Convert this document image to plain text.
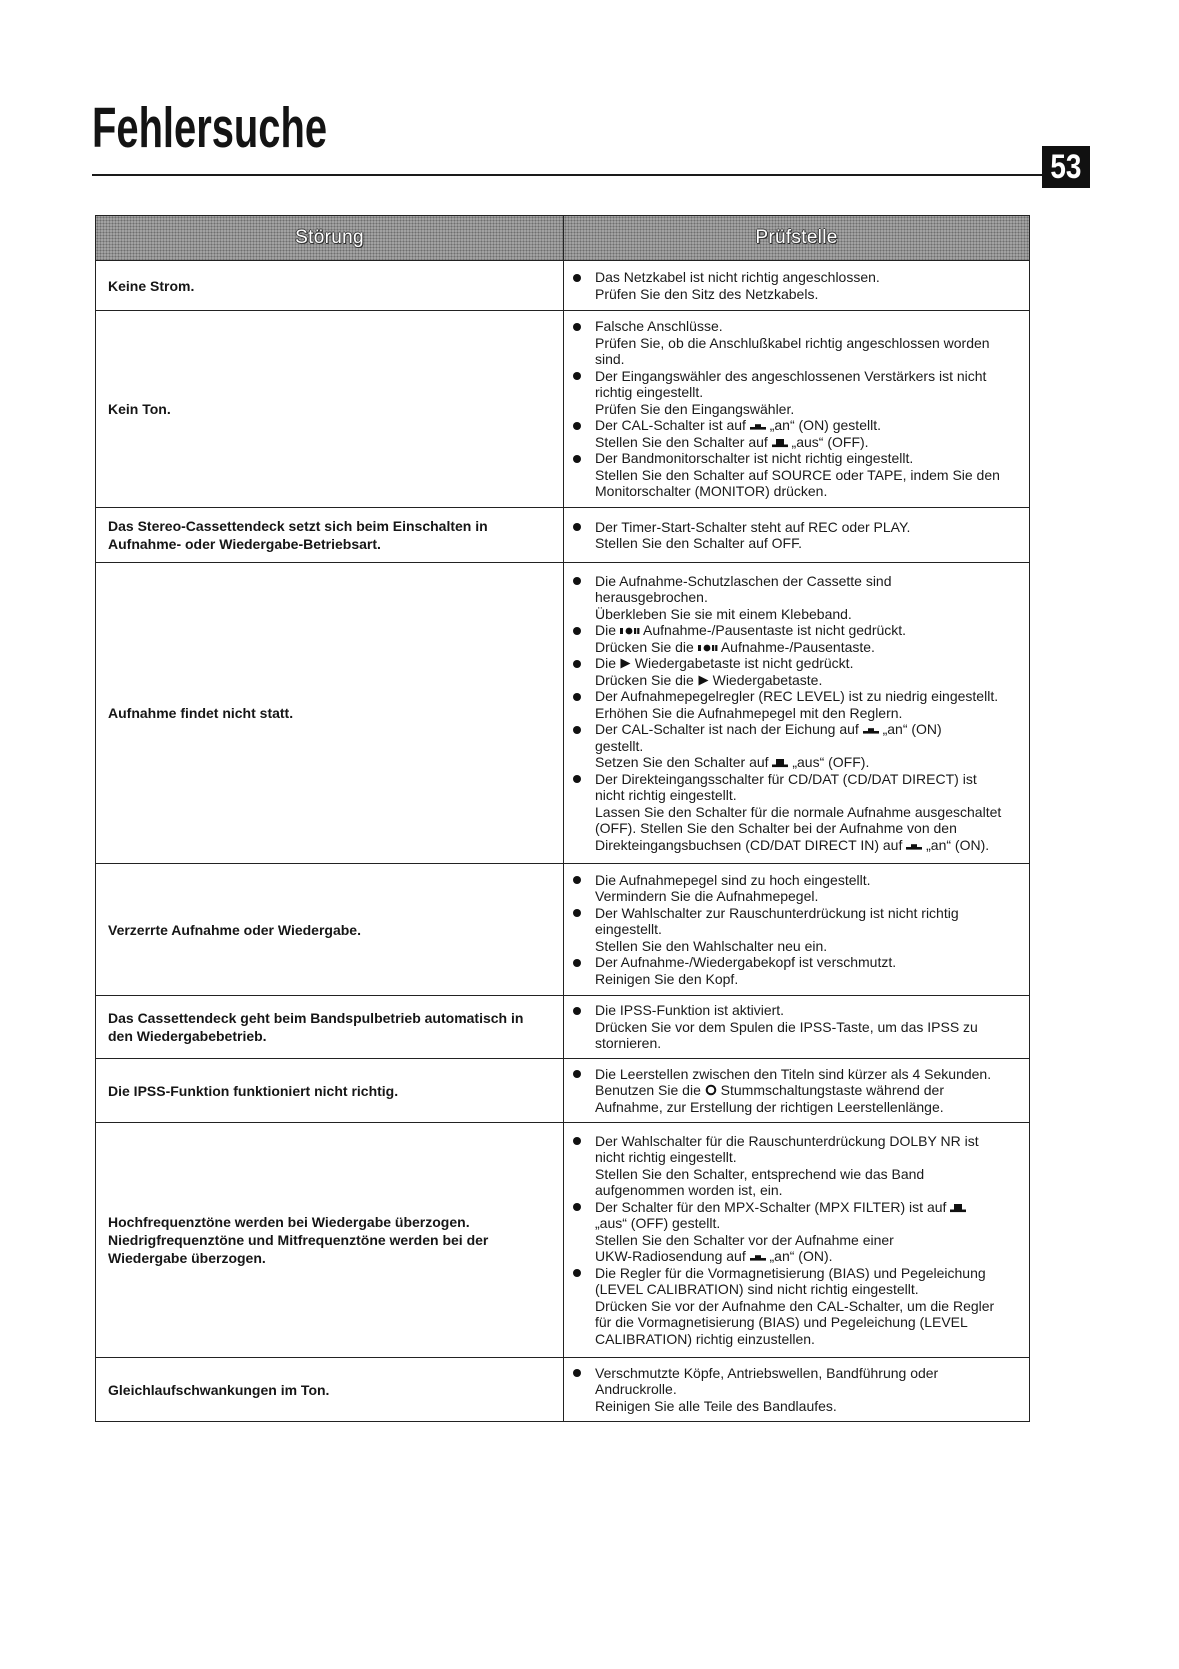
Fehlersuche
53
Störung	Prüfstelle
Keine Strom.
Das Netzkabel ist nicht richtig angeschlossen.
Prüfen Sie den Sitz des Netzkabels.
Kein Ton.
Falsche Anschlüsse.
Prüfen Sie, ob die Anschlußkabel richtig angeschlossen worden
sind.
Der Eingangswähler des angeschlossenen Verstärkers ist nicht
richtig eingestellt.
Prüfen Sie den Eingangswähler.
Der CAL-Schalter ist auf  „an“ (ON) gestellt.
Stellen Sie den Schalter auf  „aus“ (OFF).
Der Bandmonitorschalter ist nicht richtig eingestellt.
Stellen Sie den Schalter auf SOURCE oder TAPE, indem Sie den
Monitorschalter (MONITOR) drücken.
Das Stereo-Cassettendeck setzt sich beim Einschalten in
Aufnahme- oder Wiedergabe-Betriebsart.
Der Timer-Start-Schalter steht auf REC oder PLAY.
Stellen Sie den Schalter auf OFF.
Aufnahme findet nicht statt.
Die Aufnahme-Schutzlaschen der Cassette sind
herausgebrochen.
Überkleben Sie sie mit einem Klebeband.
Die  Aufnahme-/Pausentaste ist nicht gedrückt.
Drücken Sie die  Aufnahme-/Pausentaste.
Die  Wiedergabetaste ist nicht gedrückt.
Drücken Sie die  Wiedergabetaste.
Der Aufnahmepegelregler (REC LEVEL) ist zu niedrig eingestellt.
Erhöhen Sie die Aufnahmepegel mit den Reglern.
Der CAL-Schalter ist nach der Eichung auf  „an“ (ON)
gestellt.
Setzen Sie den Schalter auf  „aus“ (OFF).
Der Direkteingangsschalter für CD/DAT (CD/DAT DIRECT) ist
nicht richtig eingestellt.
Lassen Sie den Schalter für die normale Aufnahme ausgeschaltet
(OFF). Stellen Sie den Schalter bei der Aufnahme von den
Direkteingangsbuchsen (CD/DAT DIRECT IN) auf  „an“ (ON).
Verzerrte Aufnahme oder Wiedergabe.
Die Aufnahmepegel sind zu hoch eingestellt.
Vermindern Sie die Aufnahmepegel.
Der Wahlschalter zur Rauschunterdrückung ist nicht richtig
eingestellt.
Stellen Sie den Wahlschalter neu ein.
Der Aufnahme-/Wiedergabekopf ist verschmutzt.
Reinigen Sie den Kopf.
Das Cassettendeck geht beim Bandspulbetrieb automatisch in
den Wiedergabebetrieb.
Die IPSS-Funktion ist aktiviert.
Drücken Sie vor dem Spulen die IPSS-Taste, um das IPSS zu
stornieren.
Die IPSS-Funktion funktioniert nicht richtig.
Die Leerstellen zwischen den Titeln sind kürzer als 4 Sekunden.
Benutzen Sie die  Stummschaltungstaste während der
Aufnahme, zur Erstellung der richtigen Leerstellenlänge.
Hochfrequenztöne werden bei Wiedergabe überzogen.
Niedrigfrequenztöne und Mitfrequenztöne werden bei der
Wiedergabe überzogen.
Der Wahlschalter für die Rauschunterdrückung DOLBY NR ist
nicht richtig eingestellt.
Stellen Sie den Schalter, entsprechend wie das Band
aufgenommen worden ist, ein.
Der Schalter für den MPX-Schalter (MPX FILTER) ist auf
„aus“ (OFF) gestellt.
Stellen Sie den Schalter vor der Aufnahme einer
UKW-Radiosendung auf  „an“ (ON).
Die Regler für die Vormagnetisierung (BIAS) und Pegeleichung
(LEVEL CALIBRATION) sind nicht richtig eingestellt.
Drücken Sie vor der Aufnahme den CAL-Schalter, um die Regler
für die Vormagnetisierung (BIAS) und Pegeleichung (LEVEL
CALIBRATION) richtig einzustellen.
Gleichlaufschwankungen im Ton.
Verschmutzte Köpfe, Antriebswellen, Bandführung oder
Andruckrolle.
Reinigen Sie alle Teile des Bandlaufes.
